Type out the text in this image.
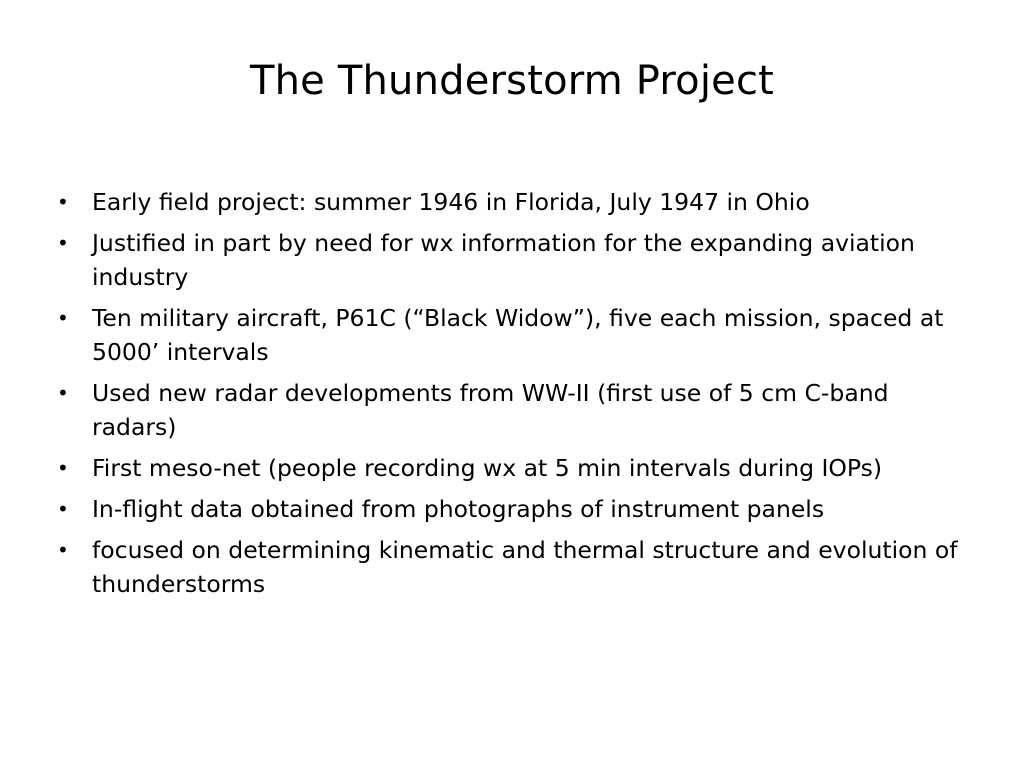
The Thunderstorm Project
• Early field project: summer 1946 in Florida, July 1947 in Ohio
• Justified in part by need for wx information for the expanding aviation industry
• Ten military aircraft, P61C (“Black Widow”), five each mission, spaced at 5000’ intervals
• Used new radar developments from WW-II (first use of 5 cm C-band radars)
• First meso-net (people recording wx at 5 min intervals during IOPs)
• In-flight data obtained from photographs of instrument panels
• focused on determining kinematic and thermal structure and evolution of thunderstorms
